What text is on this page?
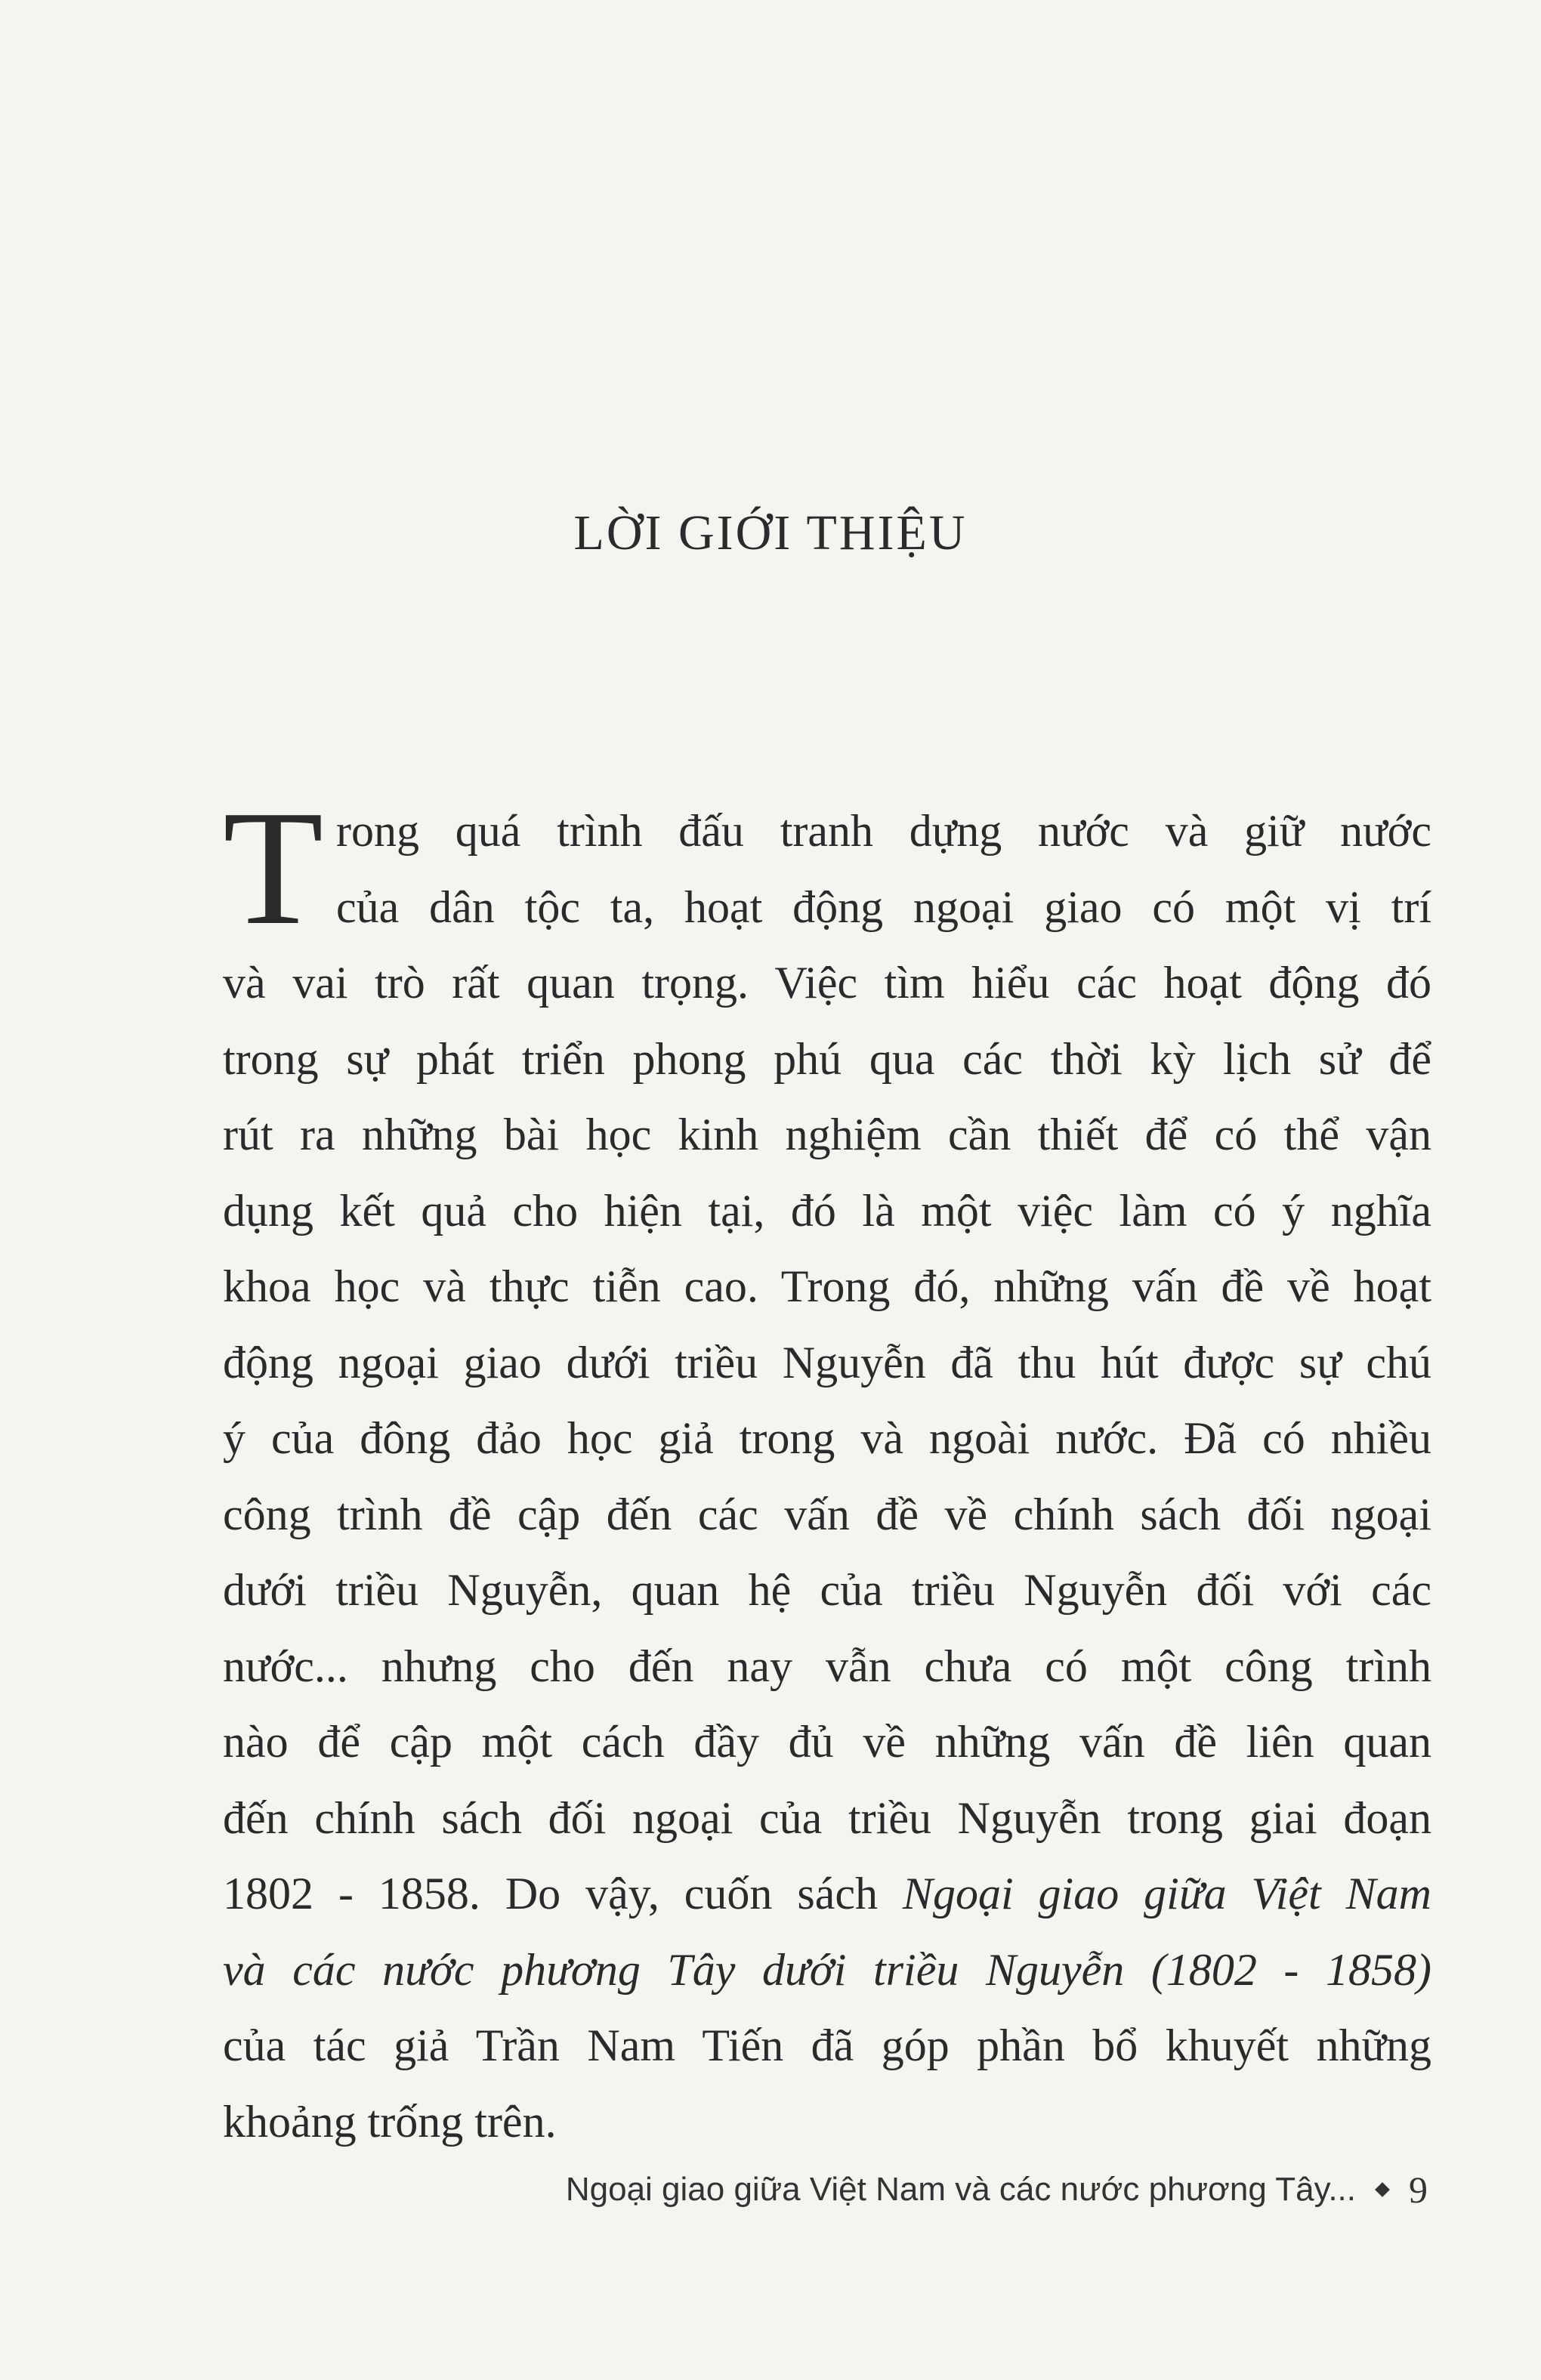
LỜI GIỚI THIỆU
T rong quá trình đấu tranh dựng nước và giữ nước
của dân tộc ta, hoạt động ngoại giao có một vị trí
và vai trò rất quan trọng. Việc tìm hiểu các hoạt động đó
trong sự phát triển phong phú qua các thời kỳ lịch sử để
rút ra những bài học kinh nghiệm cần thiết để có thể vận
dụng kết quả cho hiện tại, đó là một việc làm có ý nghĩa
khoa học và thực tiễn cao. Trong đó, những vấn đề về hoạt
động ngoại giao dưới triều Nguyễn đã thu hút được sự chú
ý của đông đảo học giả trong và ngoài nước. Đã có nhiều
công trình đề cập đến các vấn đề về chính sách đối ngoại
dưới triều Nguyễn, quan hệ của triều Nguyễn đối với các
nước... nhưng cho đến nay vẫn chưa có một công trình
nào để cập một cách đầy đủ về những vấn đề liên quan
đến chính sách đối ngoại của triều Nguyễn trong giai đoạn
1802 - 1858. Do vậy, cuốn sách Ngoại giao giữa Việt Nam
và các nước phương Tây dưới triều Nguyễn (1802 - 1858)
của tác giả Trần Nam Tiến đã góp phần bổ khuyết những
khoảng trống trên.
Ngoại giao giữa Việt Nam và các nước phương Tây... 9
